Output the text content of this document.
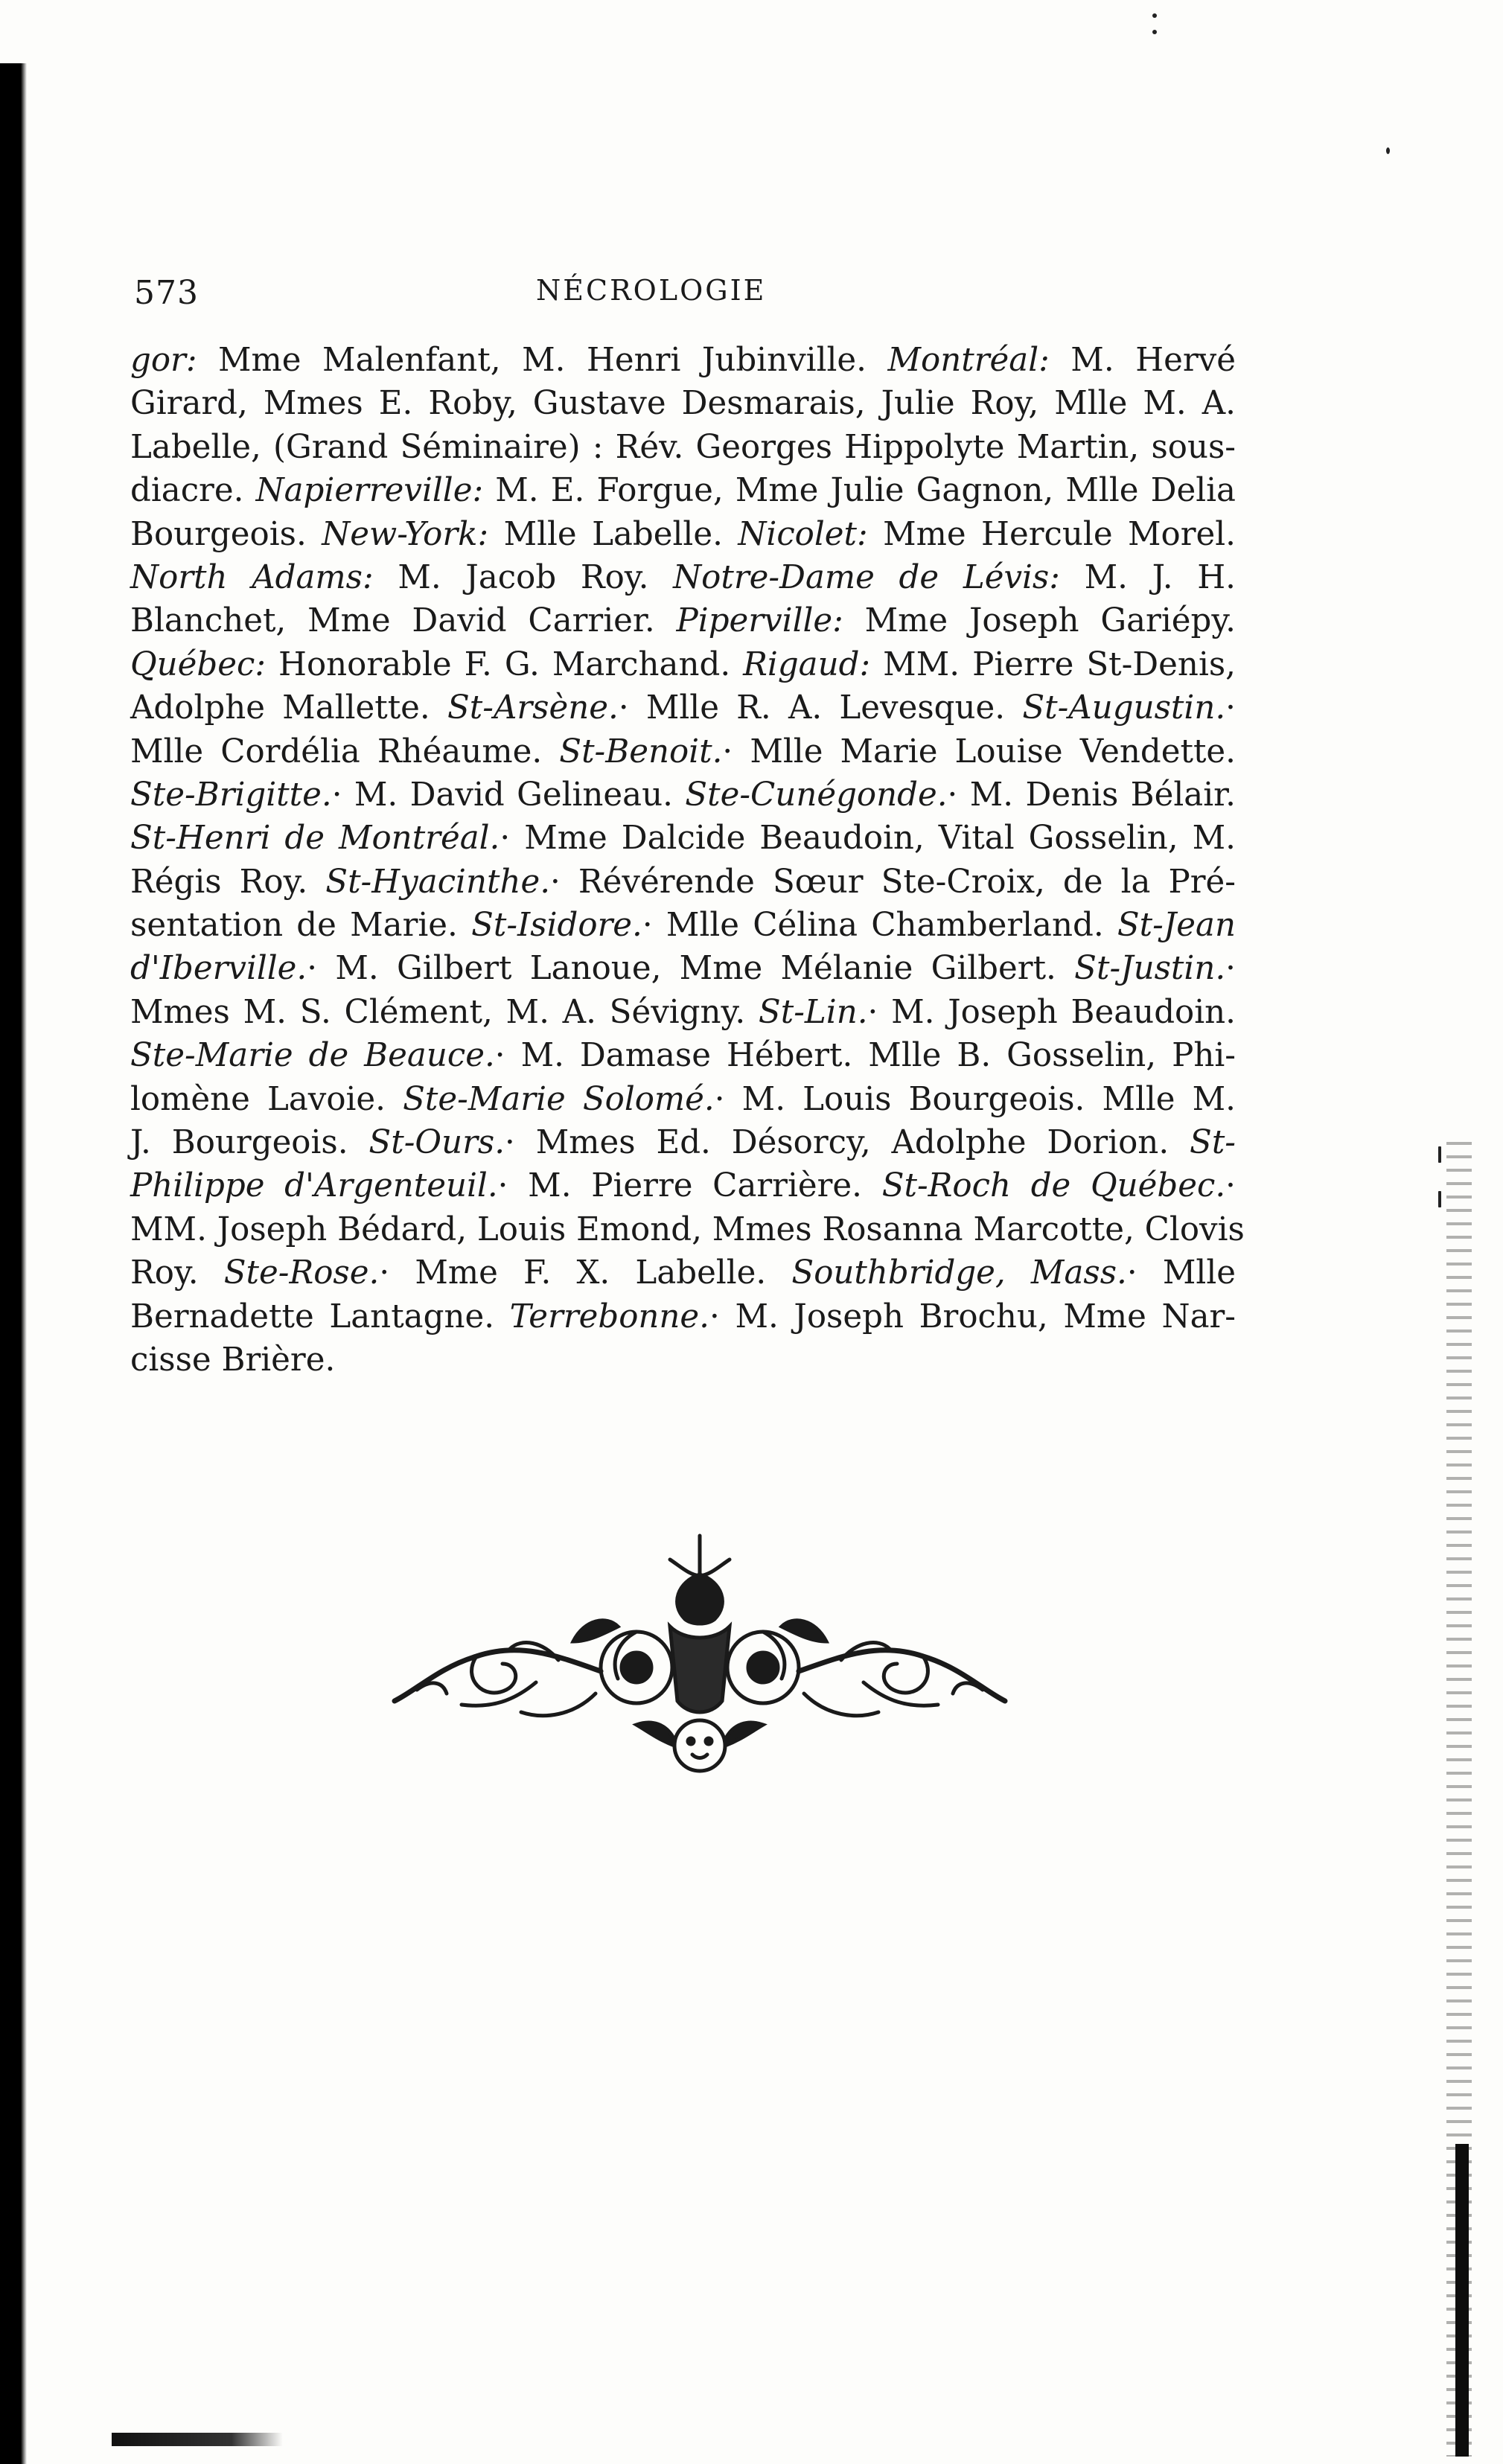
573	NÉCROLOGIE
gor: Mme Malenfant, M. Henri Jubinville. Montréal: M. Hervé
Girard, Mmes E. Roby, Gustave Desmarais, Julie Roy, Mlle M. A.
Labelle, (Grand Séminaire) : Rév. Georges Hippolyte Martin, sous-
diacre. Napierreville: M. E. Forgue, Mme Julie Gagnon, Mlle Delia
Bourgeois. New-York: Mlle Labelle. Nicolet: Mme Hercule Morel.
North Adams: M. Jacob Roy. Notre-Dame de Lévis: M. J. H.
Blanchet, Mme David Carrier. Piperville: Mme Joseph Gariépy.
Québec: Honorable F. G. Marchand. Rigaud: MM. Pierre St-Denis,
Adolphe Mallette. St-Arsène.· Mlle R. A. Levesque. St-Augustin.·
Mlle Cordélia Rhéaume. St-Benoit.· Mlle Marie Louise Vendette.
Ste-Brigitte.· M. David Gelineau. Ste-Cunégonde.· M. Denis Bélair.
St-Henri de Montréal.· Mme Dalcide Beaudoin, Vital Gosselin, M.
Régis Roy. St-Hyacinthe.· Révérende Sœur Ste-Croix, de la Pré-
sentation de Marie. St-Isidore.· Mlle Célina Chamberland. St-Jean
d'Iberville.· M. Gilbert Lanoue, Mme Mélanie Gilbert. St-Justin.·
Mmes M. S. Clément, M. A. Sévigny. St-Lin.· M. Joseph Beaudoin.
Ste-Marie de Beauce.· M. Damase Hébert. Mlle B. Gosselin, Phi-
lomène Lavoie. Ste-Marie Solomé.· M. Louis Bourgeois. Mlle M.
J. Bourgeois. St-Ours.· Mmes Ed. Désorcy, Adolphe Dorion. St-
Philippe d'Argenteuil.· M. Pierre Carrière. St-Roch de Québec.·
MM. Joseph Bédard, Louis Emond, Mmes Rosanna Marcotte, Clovis
Roy. Ste-Rose.· Mme F. X. Labelle. Southbridge, Mass.· Mlle
Bernadette Lantagne. Terrebonne.· M. Joseph Brochu, Mme Nar-
cisse Brière.
